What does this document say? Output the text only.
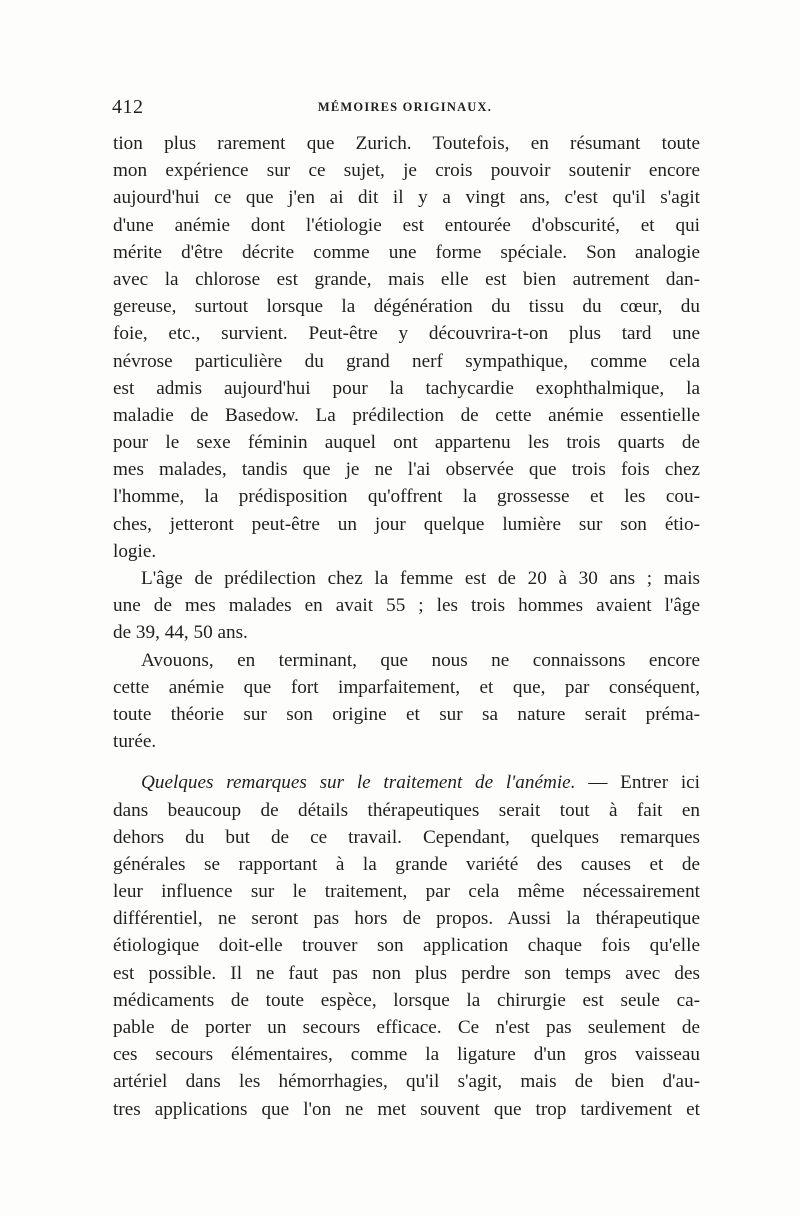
412	MÉMOIRES ORIGINAUX.
tion plus rarement que Zurich. Toutefois, en résumant toute
mon expérience sur ce sujet, je crois pouvoir soutenir encore
aujourd'hui ce que j'en ai dit il y a vingt ans, c'est qu'il s'agit
d'une anémie dont l'étiologie est entourée d'obscurité, et qui
mérite d'être décrite comme une forme spéciale. Son analogie
avec la chlorose est grande, mais elle est bien autrement dan-
gereuse, surtout lorsque la dégénération du tissu du cœur, du
foie, etc., survient. Peut-être y découvrira-t-on plus tard une
névrose particulière du grand nerf sympathique, comme cela
est admis aujourd'hui pour la tachycardie exophthalmique, la
maladie de Basedow. La prédilection de cette anémie essentielle
pour le sexe féminin auquel ont appartenu les trois quarts de
mes malades, tandis que je ne l'ai observée que trois fois chez
l'homme, la prédisposition qu'offrent la grossesse et les cou-
ches, jetteront peut-être un jour quelque lumière sur son étio-
logie.
L'âge de prédilection chez la femme est de 20 à 30 ans ; mais
une de mes malades en avait 55 ; les trois hommes avaient l'âge
de 39, 44, 50 ans.
Avouons, en terminant, que nous ne connaissons encore
cette anémie que fort imparfaitement, et que, par conséquent,
toute théorie sur son origine et sur sa nature serait préma-
turée.
Quelques remarques sur le traitement de l'anémie. — Entrer ici
dans beaucoup de détails thérapeutiques serait tout à fait en
dehors du but de ce travail. Cependant, quelques remarques
générales se rapportant à la grande variété des causes et de
leur influence sur le traitement, par cela même nécessairement
différentiel, ne seront pas hors de propos. Aussi la thérapeutique
étiologique doit-elle trouver son application chaque fois qu'elle
est possible. Il ne faut pas non plus perdre son temps avec des
médicaments de toute espèce, lorsque la chirurgie est seule ca-
pable de porter un secours efficace. Ce n'est pas seulement de
ces secours élémentaires, comme la ligature d'un gros vaisseau
artériel dans les hémorrhagies, qu'il s'agit, mais de bien d'au-
tres applications que l'on ne met souvent que trop tardivement et
